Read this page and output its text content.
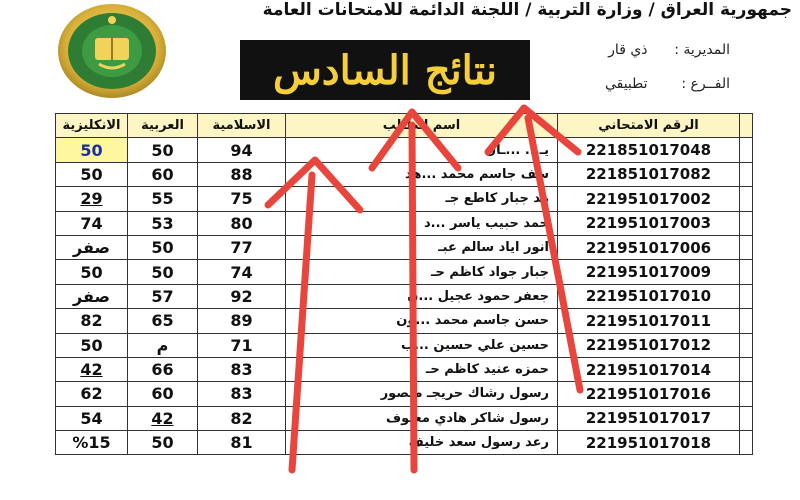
جمهورية العراق / وزارة التربية / اللجنة الدائمة للامتحانات العامة
نتائج السادس	المديرية : ذي قار
الفــرع : تطبيقي
الانكليزية	العربية	الاسلامية	اسم الطالب	الرقم الامتحاني	
50	50	94	يـ... ...ـال	221851017048	
50	60	88	سف جاسم محمد ...هد	221851017082	
29	55	75	مد جبار كاطع جـ	221951017002	
74	53	80	حمد حبيب ياسر ...د	221951017003	
صفر	50	77	انور اياد سالم عبـ	221951017006	
50	50	74	جبار جواد كاظم حـ	221951017009	
صفر	57	92	جعفر حمود عجيل ...ن	221951017010	
82	65	89	حسن جاسم محمد ...ون	221951017011	
50	م	71	حسين علي حسين ...ب	221951017012	
42	66	83	حمزه عنيد كاظم حـ	221951017014	
62	60	83	رسول رشاك حريجـ منصور	221951017016	
54	42	82	رسول شاكر هادي معيوف	221951017017	
%15	50	81	رعد رسول سعد خليف	221951017018	
